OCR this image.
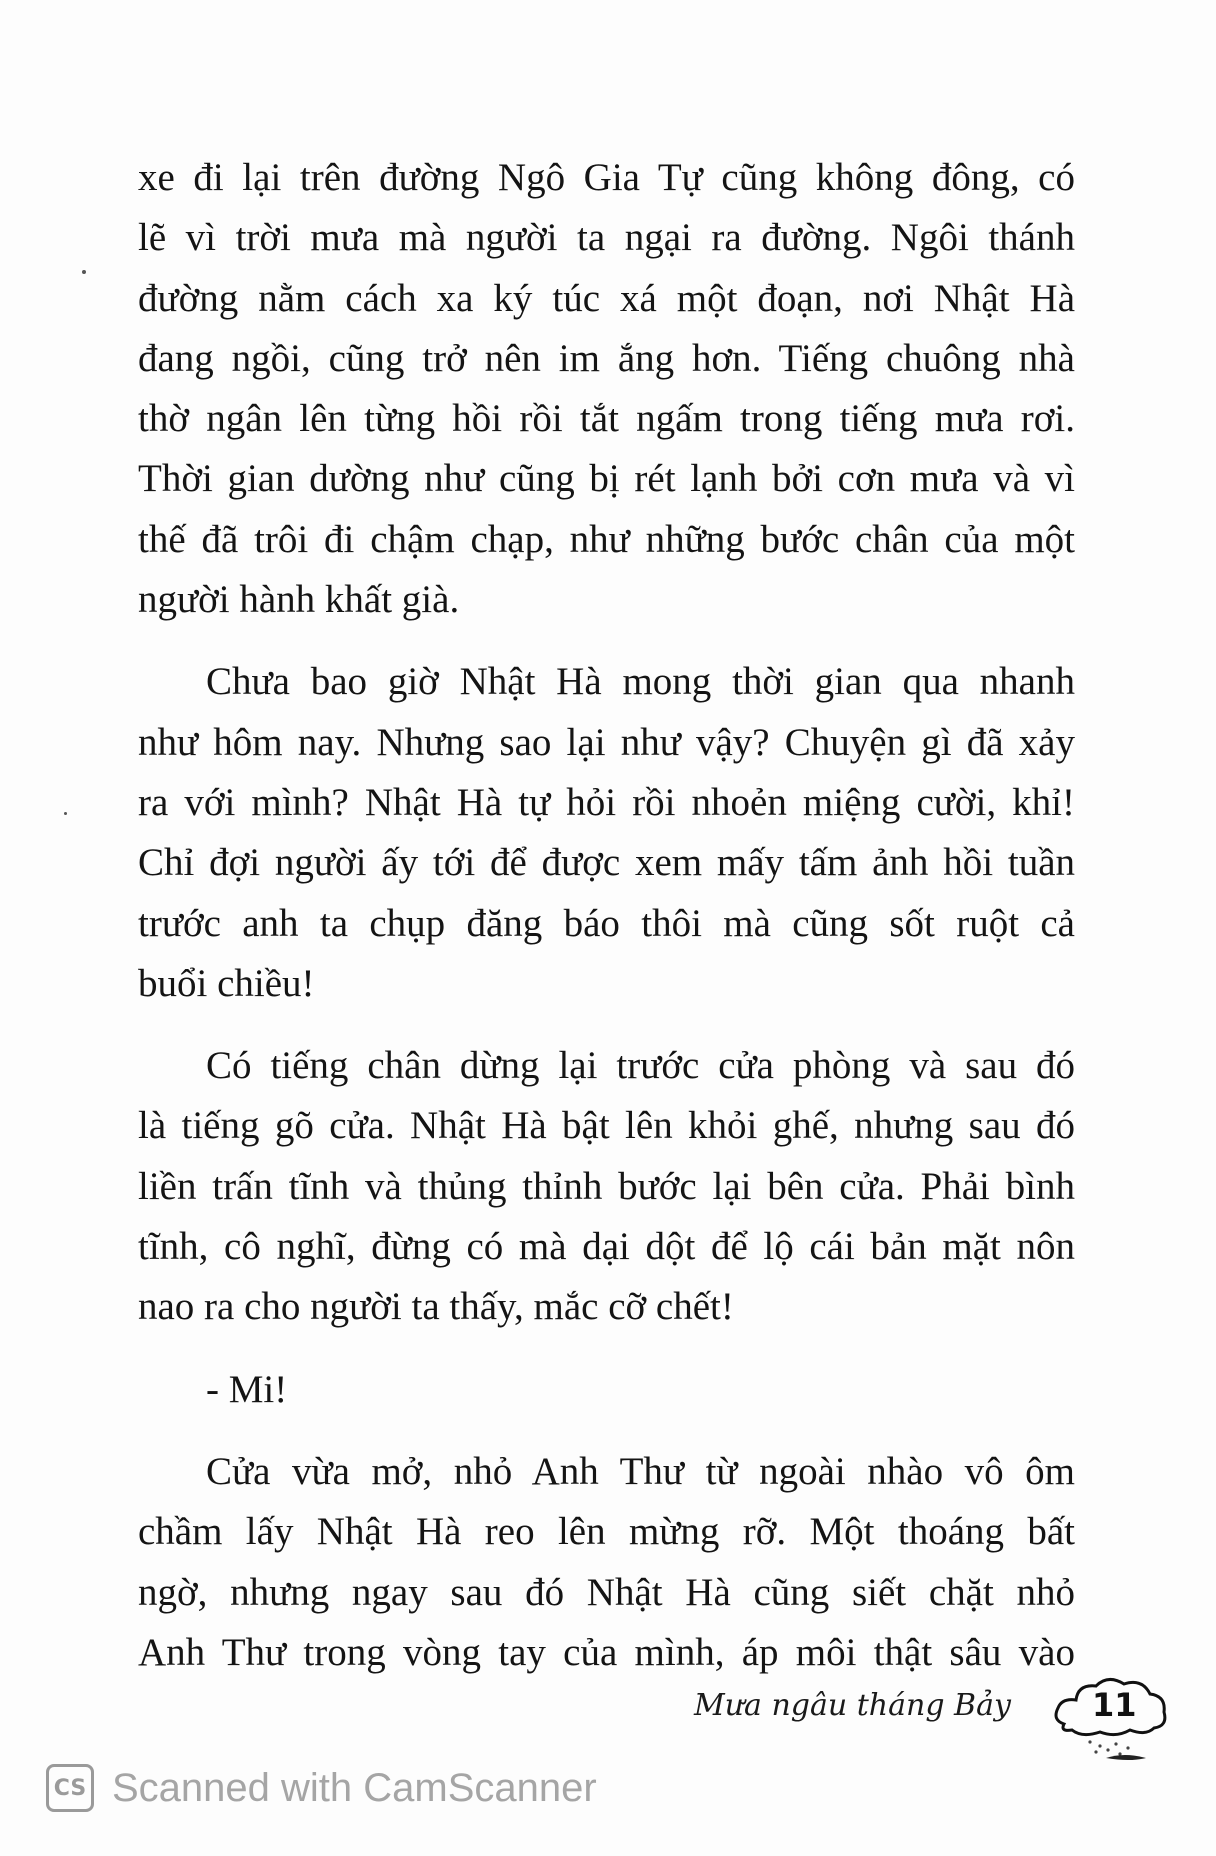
xe đi lại trên đường Ngô Gia Tự cũng không đông, có
lẽ vì trời mưa mà người ta ngại ra đường. Ngôi thánh
đường nằm cách xa ký túc xá một đoạn, nơi Nhật Hà
đang ngồi, cũng trở nên im ắng hơn. Tiếng chuông nhà
thờ ngân lên từng hồi rồi tắt ngấm trong tiếng mưa rơi.
Thời gian dường như cũng bị rét lạnh bởi cơn mưa và vì
thế đã trôi đi chậm chạp, như những bước chân của một
người hành khất già.
Chưa bao giờ Nhật Hà mong thời gian qua nhanh
như hôm nay. Nhưng sao lại như vậy? Chuyện gì đã xảy
ra với mình? Nhật Hà tự hỏi rồi nhoẻn miệng cười, khỉ!
Chỉ đợi người ấy tới để được xem mấy tấm ảnh hồi tuần
trước anh ta chụp đăng báo thôi mà cũng sốt ruột cả
buổi chiều!
Có tiếng chân dừng lại trước cửa phòng và sau đó
là tiếng gõ cửa. Nhật Hà bật lên khỏi ghế, nhưng sau đó
liền trấn tĩnh và thủng thỉnh bước lại bên cửa. Phải bình
tĩnh, cô nghĩ, đừng có mà dại dột để lộ cái bản mặt nôn
nao ra cho người ta thấy, mắc cỡ chết!
- Mi!
Cửa vừa mở, nhỏ Anh Thư từ ngoài nhào vô ôm
chầm lấy Nhật Hà reo lên mừng rỡ. Một thoáng bất
ngờ, nhưng ngay sau đó Nhật Hà cũng siết chặt nhỏ
Anh Thư trong vòng tay của mình, áp môi thật sâu vào
Mưa ngâu tháng Bảy	11
CS Scanned with CamScanner
